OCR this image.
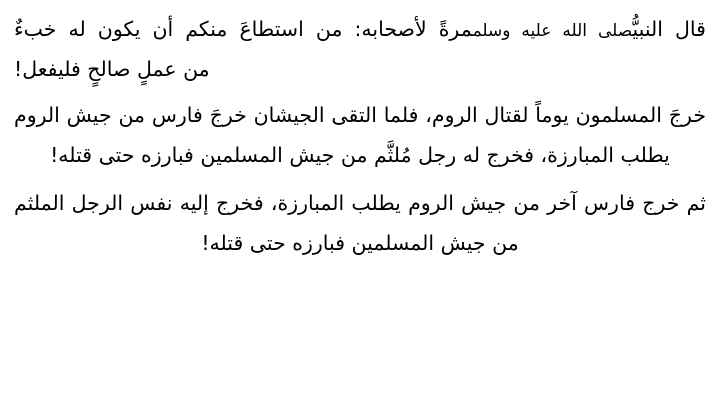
قال النبيُّصلى الله عليه وسلممرةً لأصحابه: من استطاعَ منكم أن يكون له خبءٌ
من عملٍ صالحٍ فليفعل!

خرجَ المسلمون يوماً لقتال الروم، فلما التقى الجيشان خرجَ فارس من جيش الروم يطلب المبارزة، فخرج له رجل مُلثَّم من جيش المسلمين فبارزه حتى قتله!

ثم خرج فارس آخر من جيش الروم يطلب المبارزة، فخرج إليه نفس الرجل الملثم من جيش المسلمين فبارزه حتى قتله!
